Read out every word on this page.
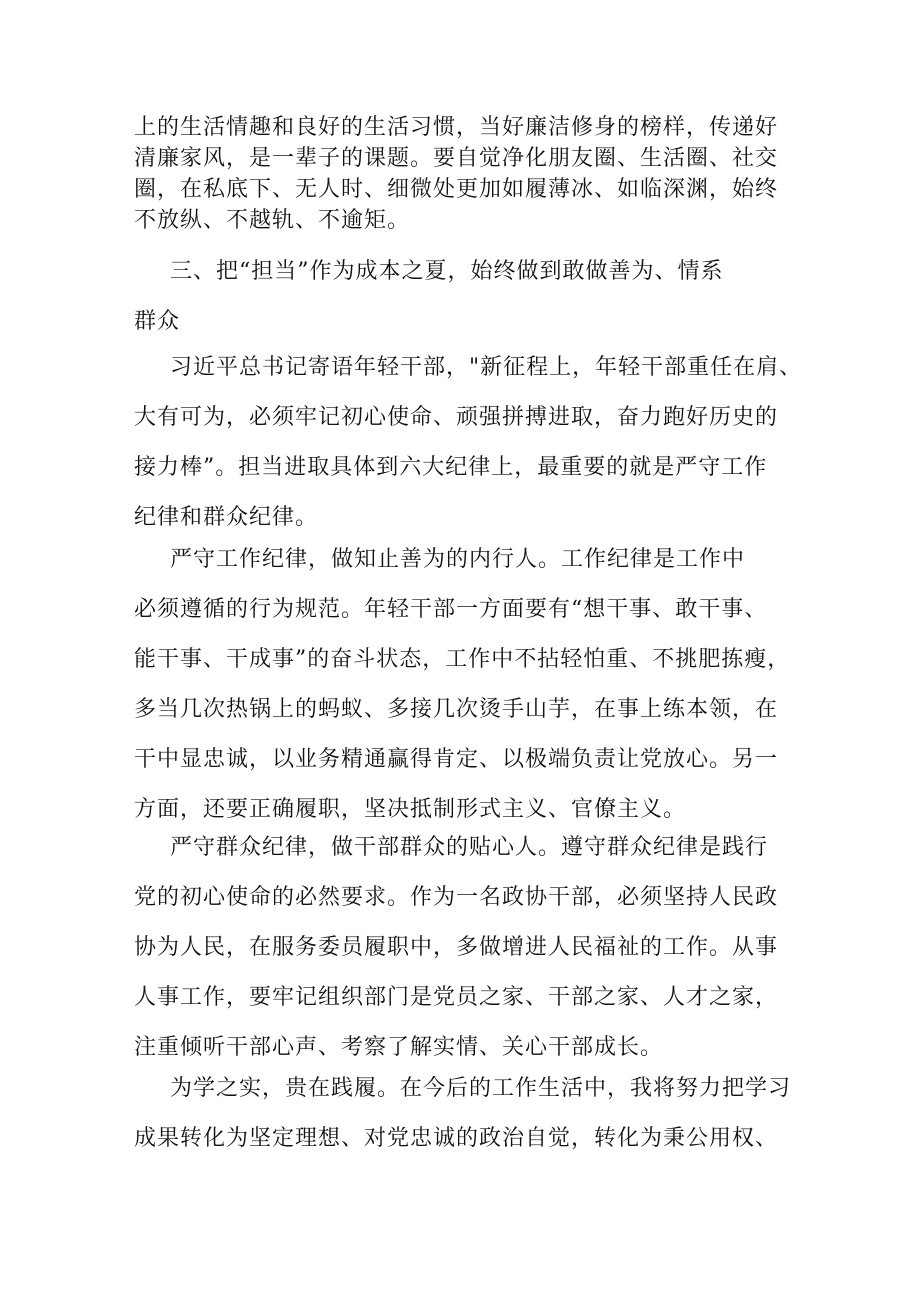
上的生活情趣和良好的生活习惯，当好廉洁修身的榜样，传递好
清廉家风，是一辈子的课题。要自觉净化朋友圈、生活圈、社交
圈，在私底下、无人时、细微处更加如履薄冰、如临深渊，始终
不放纵、不越轨、不逾矩。

三、把“担当”作为成本之夏，始终做到敢做善为、情系
群众

习近平总书记寄语年轻干部，"新征程上，年轻干部重任在肩、
大有可为，必须牢记初心使命、顽强拼搏进取，奋力跑好历史的
接力棒”。担当进取具体到六大纪律上，最重要的就是严守工作
纪律和群众纪律。

严守工作纪律，做知止善为的内行人。工作纪律是工作中
必须遵循的行为规范。年轻干部一方面要有“想干事、敢干事、
能干事、干成事”的奋斗状态，工作中不拈轻怕重、不挑肥拣瘦，
多当几次热锅上的蚂蚁、多接几次烫手山芋，在事上练本领，在
干中显忠诚，以业务精通赢得肯定、以极端负责让党放心。另一
方面，还要正确履职，坚决抵制形式主义、官僚主义。

严守群众纪律，做干部群众的贴心人。遵守群众纪律是践行
党的初心使命的必然要求。作为一名政协干部，必须坚持人民政
协为人民，在服务委员履职中，多做增进人民福祉的工作。从事
人事工作，要牢记组织部门是党员之家、干部之家、人才之家，
注重倾听干部心声、考察了解实情、关心干部成长。

为学之实，贵在践履。在今后的工作生活中，我将努力把学习
成果转化为坚定理想、对党忠诚的政治自觉，转化为秉公用权、
